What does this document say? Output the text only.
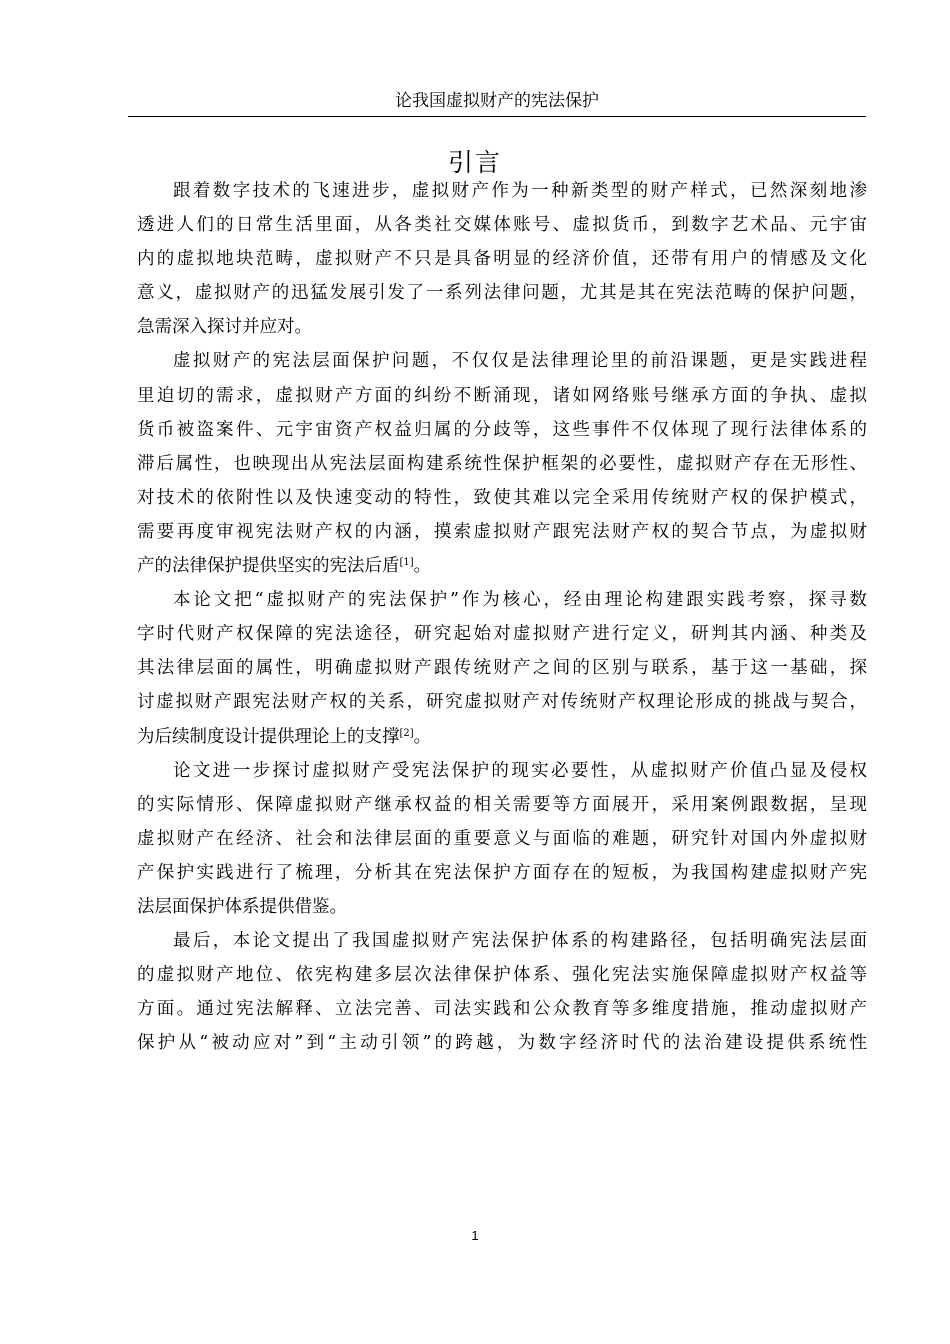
论我国虚拟财产的宪法保护
引言
跟着数字技术的飞速进步，虚拟财产作为一种新类型的财产样式，已然深刻地渗
透进人们的日常生活里面，从各类社交媒体账号、虚拟货币，到数字艺术品、元宇宙
内的虚拟地块范畴，虚拟财产不只是具备明显的经济价值，还带有用户的情感及文化
意义，虚拟财产的迅猛发展引发了一系列法律问题，尤其是其在宪法范畴的保护问题，
急需深入探讨并应对。
虚拟财产的宪法层面保护问题，不仅仅是法律理论里的前沿课题，更是实践进程
里迫切的需求，虚拟财产方面的纠纷不断涌现，诸如网络账号继承方面的争执、虚拟
货币被盗案件、元宇宙资产权益归属的分歧等，这些事件不仅体现了现行法律体系的
滞后属性，也映现出从宪法层面构建系统性保护框架的必要性，虚拟财产存在无形性、
对技术的依附性以及快速变动的特性，致使其难以完全采用传统财产权的保护模式，
需要再度审视宪法财产权的内涵，摸索虚拟财产跟宪法财产权的契合节点，为虚拟财
产的法律保护提供坚实的宪法后盾[1]。
本论文把“虚拟财产的宪法保护”作为核心，经由理论构建跟实践考察，探寻数
字时代财产权保障的宪法途径，研究起始对虚拟财产进行定义，研判其内涵、种类及
其法律层面的属性，明确虚拟财产跟传统财产之间的区别与联系，基于这一基础，探
讨虚拟财产跟宪法财产权的关系，研究虚拟财产对传统财产权理论形成的挑战与契合，
为后续制度设计提供理论上的支撑[2]。
论文进一步探讨虚拟财产受宪法保护的现实必要性，从虚拟财产价值凸显及侵权
的实际情形、保障虚拟财产继承权益的相关需要等方面展开，采用案例跟数据，呈现
虚拟财产在经济、社会和法律层面的重要意义与面临的难题，研究针对国内外虚拟财
产保护实践进行了梳理，分析其在宪法保护方面存在的短板，为我国构建虚拟财产宪
法层面保护体系提供借鉴。
最后，本论文提出了我国虚拟财产宪法保护体系的构建路径，包括明确宪法层面
的虚拟财产地位、依宪构建多层次法律保护体系、强化宪法实施保障虚拟财产权益等
方面。通过宪法解释、立法完善、司法实践和公众教育等多维度措施，推动虚拟财产
保护从“被动应对”到“主动引领”的跨越，为数字经济时代的法治建设提供系统性
1
